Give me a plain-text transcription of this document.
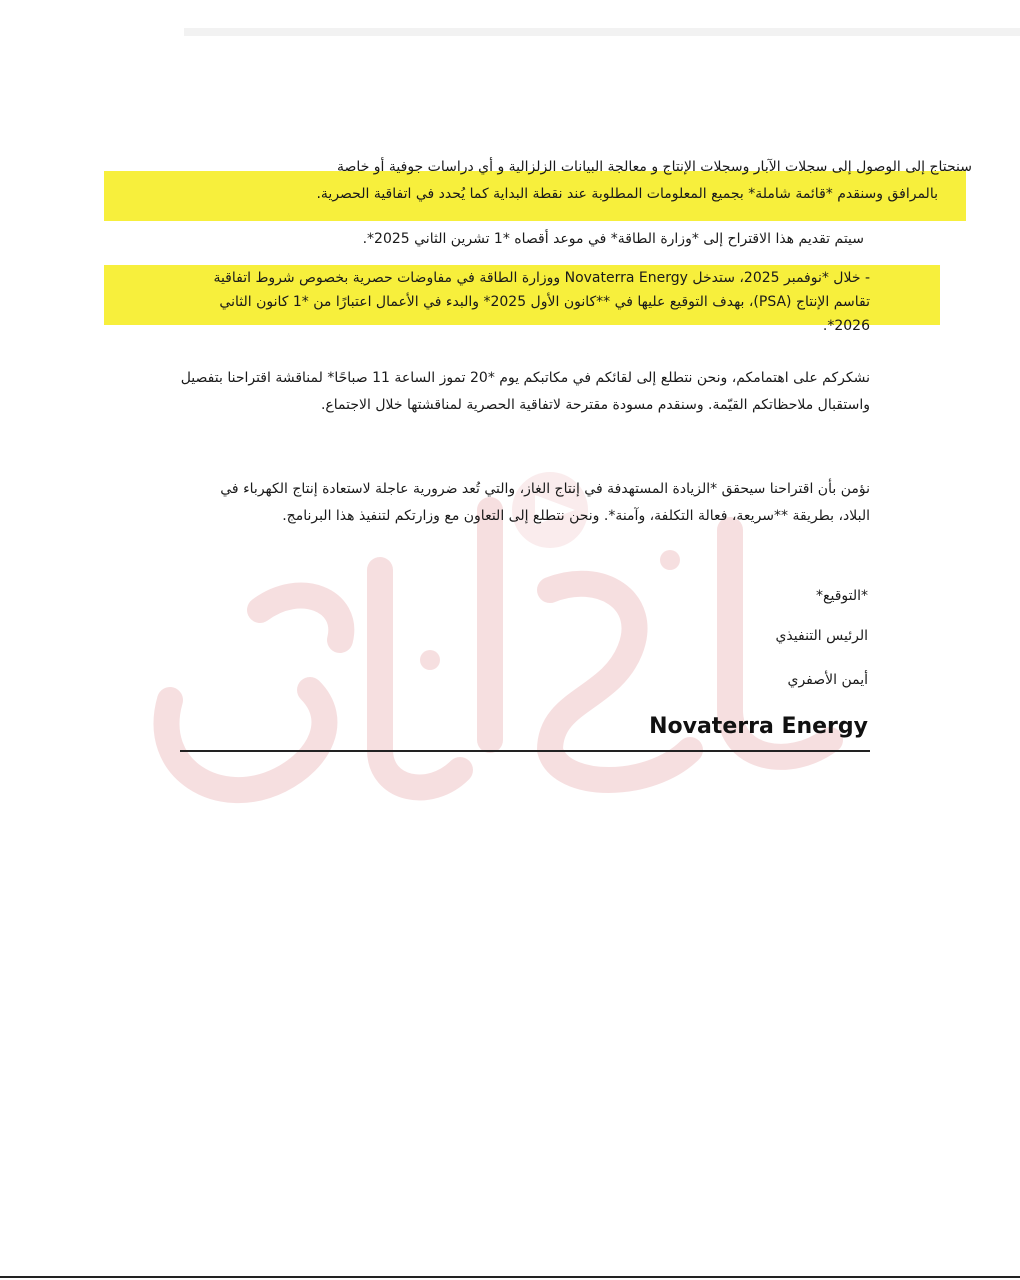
سنحتاج إلى الوصول إلى سجلات الآبار وسجلات الإنتاج و معالجة البيانات الزلزالية و أي دراسات جوفية أو خاصة
بالمرافق وسنقدم *قائمة شاملة* بجميع المعلومات المطلوبة عند نقطة البداية كما يُحدد في اتفاقية الحصرية.
سيتم تقديم هذا الاقتراح إلى *وزارة الطاقة* في موعد أقصاه *1 تشرين الثاني 2025*.
- خلال *نوفمبر 2025، ستدخل Novaterra Energy ووزارة الطاقة في مفاوضات حصرية بخصوص شروط اتفاقية
تقاسم الإنتاج (PSA)، بهدف التوقيع عليها في **كانون الأول 2025* والبدء في الأعمال اعتبارًا من *1 كانون الثاني
2026*.
نشكركم على اهتمامكم، ونحن نتطلع إلى لقائكم في مكاتبكم يوم *20 تموز الساعة 11 صباحًا* لمناقشة اقتراحنا بتفصيل
واستقبال ملاحظاتكم القيّمة. وسنقدم مسودة مقترحة لاتفاقية الحصرية لمناقشتها خلال الاجتماع.
نؤمن بأن اقتراحنا سيحقق *الزيادة المستهدفة في إنتاج الغاز، والتي تُعد ضرورية عاجلة لاستعادة إنتاج الكهرباء في
البلاد، بطريقة **سريعة، فعالة التكلفة، وآمنة*. ونحن نتطلع إلى التعاون مع وزارتكم لتنفيذ هذا البرنامج.
*التوقيع*
الرئيس التنفيذي
أيمن الأصفري
Novaterra Energy
